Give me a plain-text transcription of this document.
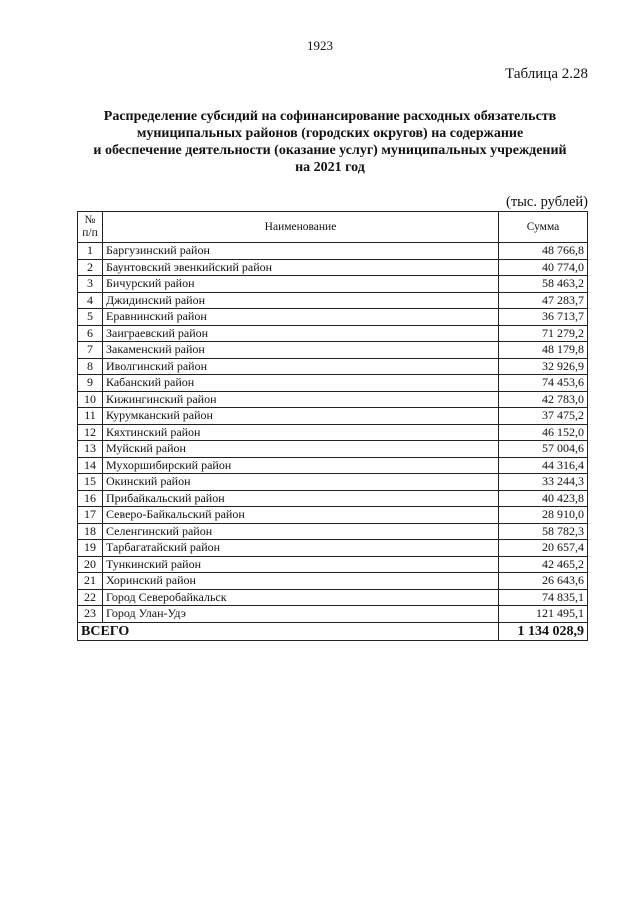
1923
Таблица 2.28
Распределение субсидий на софинансирование расходных обязательств
муниципальных районов (городских округов) на содержание
и обеспечение деятельности (оказание услуг) муниципальных учреждений
на 2021 год
(тыс. рублей)
№ п/п	Наименование	Сумма
1	Баргузинский район	48 766,8
2	Баунтовский эвенкийский район	40 774,0
3	Бичурский район	58 463,2
4	Джидинский район	47 283,7
5	Еравнинский район	36 713,7
6	Заиграевский район	71 279,2
7	Закаменский район	48 179,8
8	Иволгинский район	32 926,9
9	Кабанский район	74 453,6
10	Кижингинский район	42 783,0
11	Курумканский район	37 475,2
12	Кяхтинский район	46 152,0
13	Муйский район	57 004,6
14	Мухоршибирский район	44 316,4
15	Окинский район	33 244,3
16	Прибайкальский район	40 423,8
17	Северо-Байкальский район	28 910,0
18	Селенгинский район	58 782,3
19	Тарбагатайский район	20 657,4
20	Тункинский район	42 465,2
21	Хоринский район	26 643,6
22	Город Северобайкальск	74 835,1
23	Город Улан-Удэ	121 495,1
ВСЕГО		1 134 028,9
